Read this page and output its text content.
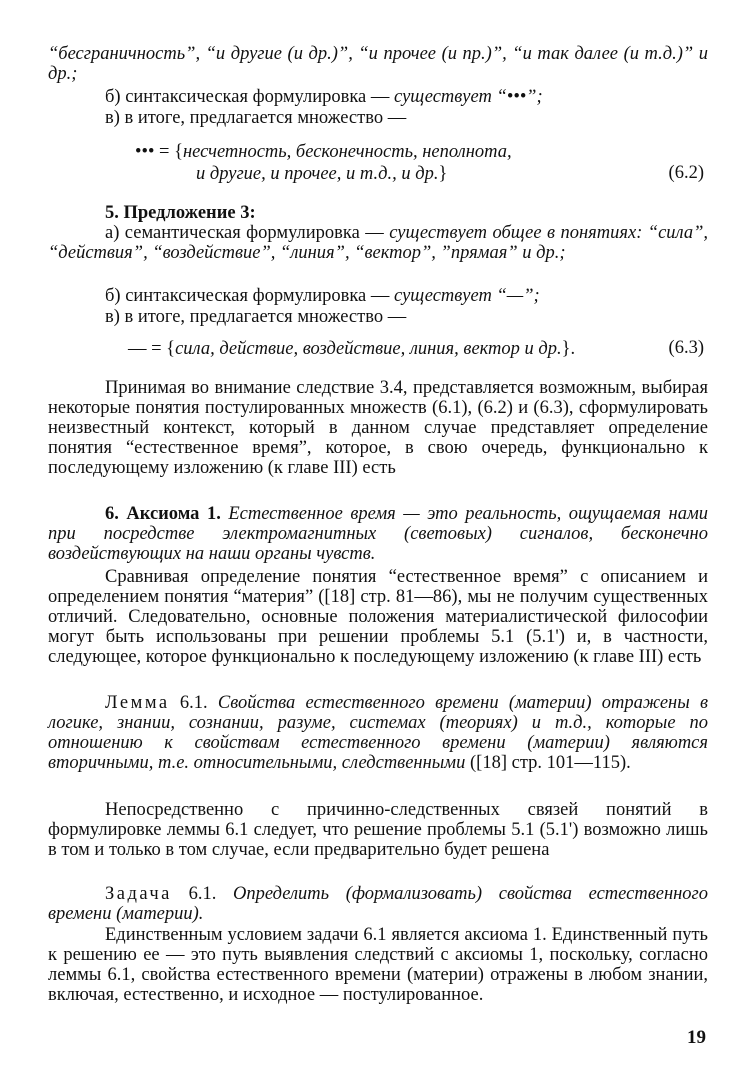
“бесграничность”, “и другие (и др.)”, “и прочее (и пр.)”, “и так далее (и т.д.)” и др.;

б) синтаксическая формулировка — существует “•••”;

в) в итоге, предлагается множество —

••• = {несчетность, бесконечность, неполнота,
и другие, и прочее, и т.д., и др.}	(6.2)

5. Предложение 3:

а) семантическая формулировка — существует общее в понятиях: “сила”, “действия”, “воздействие”, “линия”, “вектор”, ”прямая” и др.;

б) синтаксическая формулировка — существует “—”;

в) в итоге, предлагается множество —

— = {сила, действие, воздействие, линия, вектор и др.}.	(6.3)

Принимая во внимание следствие 3.4, представляется возможным, выбирая некоторые понятия постулированных множеств (6.1), (6.2) и (6.3), сформулировать неизвестный контекст, который в данном случае представляет определение понятия “естественное время”, которое, в свою очередь, функционально к последующему изложению (к главе III) есть

6. Аксиома 1. Естественное время — это реальность, ощущаемая нами при посредстве электромагнитных (световых) сигналов, бесконечно воздействующих на наши органы чувств.

Сравнивая определение понятия “естественное время” с описанием и определением понятия “материя” ([18] стр. 81—86), мы не получим существенных отличий. Следовательно, основные положения материалистической философии могут быть использованы при решении проблемы 5.1 (5.1') и, в частности, следующее, которое функционально к последующему изложению (к главе III) есть

Лемма 6.1. Свойства естественного времени (материи) отражены в логике, знании, сознании, разуме, системах (теориях) и т.д., которые по отношению к свойствам естественного времени (материи) являются вторичными, т.е. относительными, следственными ([18] стр. 101—115).

Непосредственно с причинно-следственных связей понятий в формулировке леммы 6.1 следует, что решение проблемы 5.1 (5.1') возможно лишь в том и только в том случае, если предварительно будет решена

Задача 6.1. Определить (формализовать) свойства естественного времени (материи).

Единственным условием задачи 6.1 является аксиома 1. Единственный путь к решению ее — это путь выявления следствий с аксиомы 1, поскольку, согласно леммы 6.1, свойства естественного времени (материи) отражены в любом знании, включая, естественно, и исходное — постулированное.

19
